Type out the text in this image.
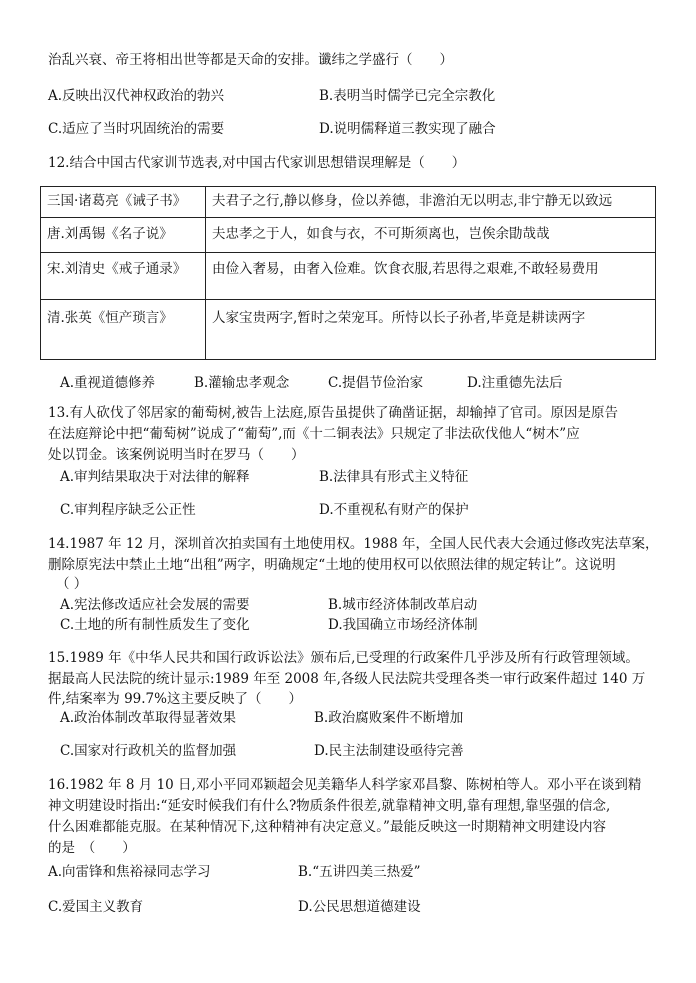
治乱兴衰、帝王将相出世等都是天命的安排。谶纬之学盛行（　　）
A.反映出汉代神权政治的勃兴	B.表明当时儒学已完全宗教化
C.适应了当时巩固统治的需要	D.说明儒释道三教实现了融合
12.结合中国古代家训节选表,对中国古代家训思想错误理解是（　　）
三国·诸葛亮《诫子书》	夫君子之行,静以修身，俭以养德，非澹泊无以明志,非宁静无以致远
唐.刘禹锡《名子说》	夫忠孝之于人，如食与衣，不可斯须离也，岂俟余勖哉哉
宋.刘清史《戒子通录》	由俭入奢易，由奢入俭难。饮食衣服,若思得之艰难,不敢轻易费用
清.张英《恒产琐言》	人家宝贵两字,暂时之荣宠耳。所恃以长子孙者,毕竟是耕读两字
A.重视道德修养	B.灌输忠孝观念	C.提倡节俭治家	D.注重德先法后
13.有人砍伐了邻居家的葡萄树,被告上法庭,原告虽提供了确凿证据，却输掉了官司。原因是原告
在法庭辩论中把“葡萄树”说成了“葡萄”,而《十二铜表法》只规定了非法砍伐他人“树木”应
处以罚金。该案例说明当时在罗马（　　）
A.审判结果取决于对法律的解释	B.法律具有形式主义特征
C.审判程序缺乏公正性	D.不重视私有财产的保护
14.1987 年 12 月，深圳首次拍卖国有土地使用权。1988 年，全国人民代表大会通过修改宪法草案，
删除原宪法中禁止土地“出租”两字，明确规定“土地的使用权可以依照法律的规定转让”。这说明
（ ）
A.宪法修改适应社会发展的需要	B.城市经济体制改革启动
C.土地的所有制性质发生了变化	D.我国确立市场经济体制
15.1989 年《中华人民共和国行政诉讼法》颁布后,已受理的行政案件几乎涉及所有行政管理领域。
据最高人民法院的统计显示:1989 年至 2008 年,各级人民法院共受理各类一审行政案件超过 140 万
件,结案率为 99.7%这主要反映了（　　）
A.政治体制改革取得显著效果	B.政治腐败案件不断增加
C.国家对行政机关的监督加强	D.民主法制建设亟待完善
16.1982 年 8 月 10 日,邓小平同邓颖超会见美籍华人科学家邓昌黎、陈树柏等人。邓小平在谈到精
神文明建设时指出:“延安时候我们有什么?物质条件很差,就靠精神文明,靠有理想,靠坚强的信念,
什么困难都能克服。在某种情况下,这种精神有决定意义。”最能反映这一时期精神文明建设内容
的是　（　　）
A.向雷锋和焦裕禄同志学习	B.“五讲四美三热爱”
C.爱国主义教育	D.公民思想道德建设
